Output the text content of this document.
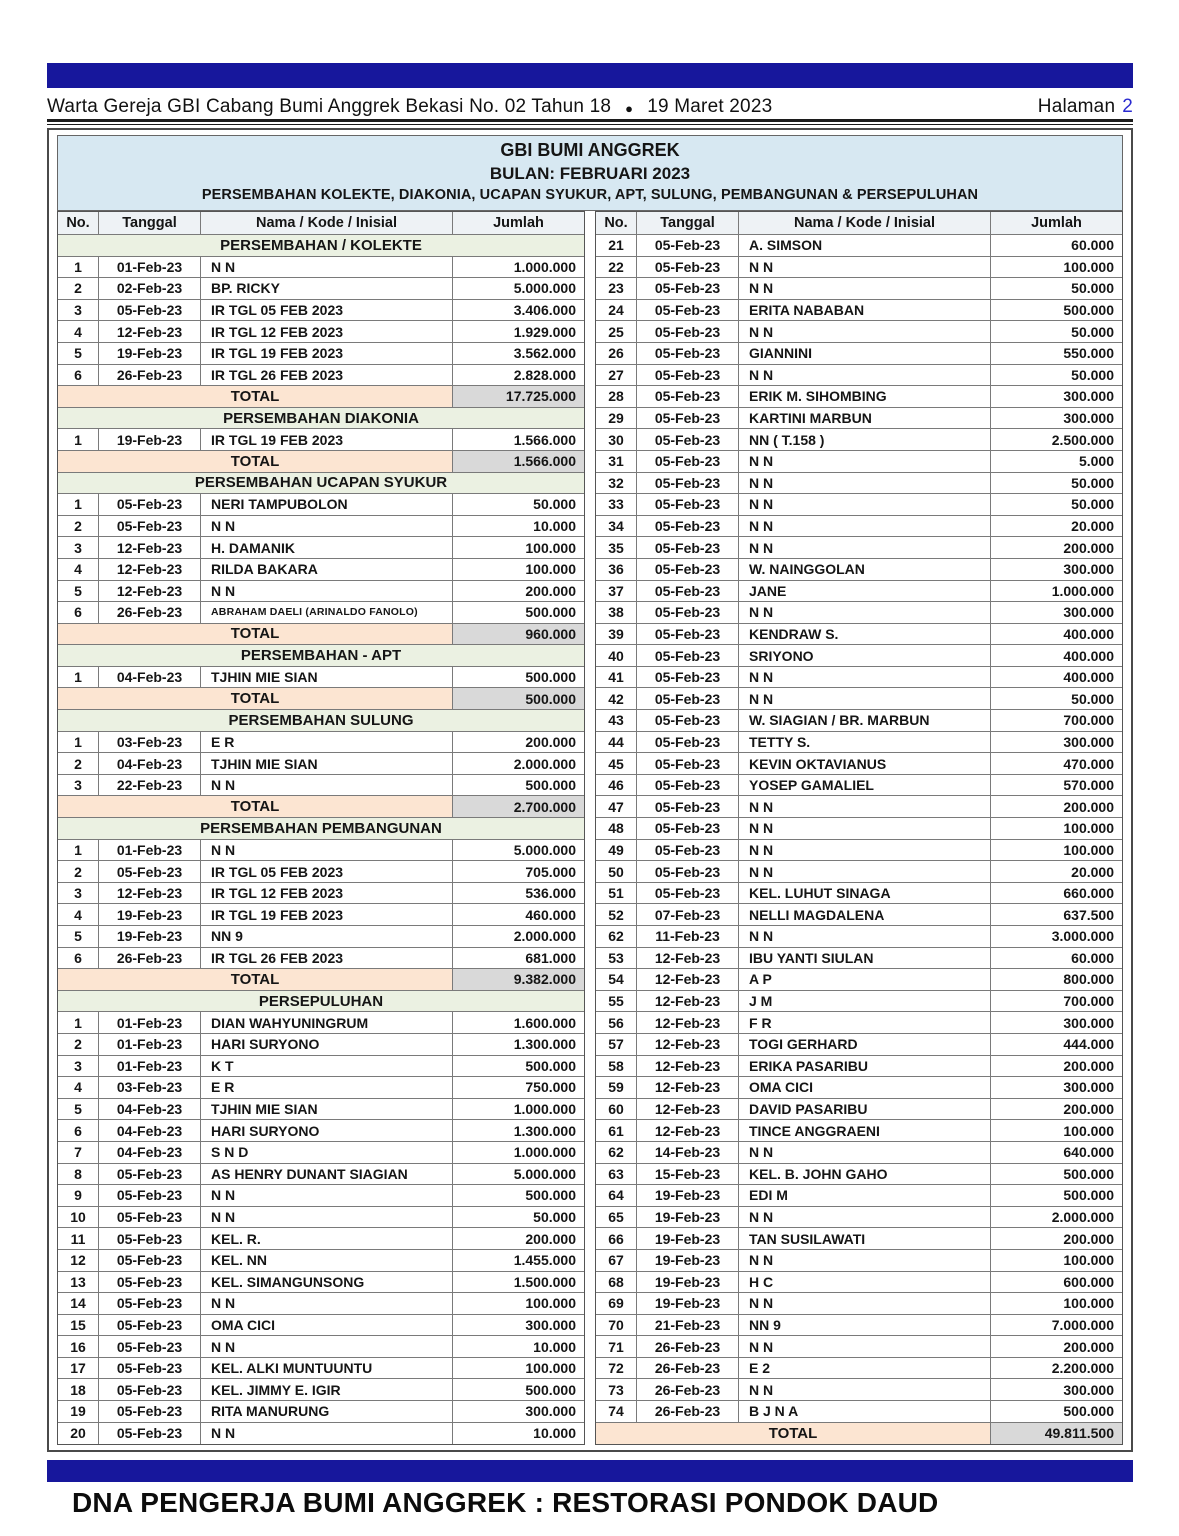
Warta Gereja GBI Cabang Bumi Anggrek Bekasi No. 02 Tahun 18 ● 19 Maret 2023	Halaman 2
GBI BUMI ANGGREK
BULAN: FEBRUARI 2023
PERSEMBAHAN KOLEKTE, DIAKONIA, UCAPAN SYUKUR, APT, SULUNG, PEMBANGUNAN & PERSEPULUHAN
No.	Tanggal	Nama / Kode / Inisial	Jumlah
PERSEMBAHAN / KOLEKTE
1	01-Feb-23	N N	1.000.000
2	02-Feb-23	BP. RICKY	5.000.000
3	05-Feb-23	IR TGL 05 FEB 2023	3.406.000
4	12-Feb-23	IR TGL 12 FEB 2023	1.929.000
5	19-Feb-23	IR TGL 19 FEB 2023	3.562.000
6	26-Feb-23	IR TGL 26 FEB 2023	2.828.000
TOTAL	17.725.000
PERSEMBAHAN DIAKONIA
1	19-Feb-23	IR TGL 19 FEB 2023	1.566.000
TOTAL	1.566.000
PERSEMBAHAN UCAPAN SYUKUR
1	05-Feb-23	NERI TAMPUBOLON	50.000
2	05-Feb-23	N N	10.000
3	12-Feb-23	H. DAMANIK	100.000
4	12-Feb-23	RILDA BAKARA	100.000
5	12-Feb-23	N N	200.000
6	26-Feb-23	ABRAHAM DAELI (ARINALDO FANOLO)	500.000
TOTAL	960.000
PERSEMBAHAN - APT
1	04-Feb-23	TJHIN MIE SIAN	500.000
TOTAL	500.000
PERSEMBAHAN SULUNG
1	03-Feb-23	E R	200.000
2	04-Feb-23	TJHIN MIE SIAN	2.000.000
3	22-Feb-23	N N	500.000
TOTAL	2.700.000
PERSEMBAHAN PEMBANGUNAN
1	01-Feb-23	N N	5.000.000
2	05-Feb-23	IR TGL 05 FEB 2023	705.000
3	12-Feb-23	IR TGL 12 FEB 2023	536.000
4	19-Feb-23	IR TGL 19 FEB 2023	460.000
5	19-Feb-23	NN 9	2.000.000
6	26-Feb-23	IR TGL 26 FEB 2023	681.000
TOTAL	9.382.000
PERSEPULUHAN
1	01-Feb-23	DIAN WAHYUNINGRUM	1.600.000
2	01-Feb-23	HARI SURYONO	1.300.000
3	01-Feb-23	K T	500.000
4	03-Feb-23	E R	750.000
5	04-Feb-23	TJHIN MIE SIAN	1.000.000
6	04-Feb-23	HARI SURYONO	1.300.000
7	04-Feb-23	S N D	1.000.000
8	05-Feb-23	AS HENRY DUNANT SIAGIAN	5.000.000
9	05-Feb-23	N N	500.000
10	05-Feb-23	N N	50.000
11	05-Feb-23	KEL. R.	200.000
12	05-Feb-23	KEL. NN	1.455.000
13	05-Feb-23	KEL. SIMANGUNSONG	1.500.000
14	05-Feb-23	N N	100.000
15	05-Feb-23	OMA CICI	300.000
16	05-Feb-23	N N	10.000
17	05-Feb-23	KEL. ALKI MUNTUUNTU	100.000
18	05-Feb-23	KEL. JIMMY E. IGIR	500.000
19	05-Feb-23	RITA MANURUNG	300.000
20	05-Feb-23	N N	10.000
No.	Tanggal	Nama / Kode / Inisial	Jumlah
21	05-Feb-23	A. SIMSON	60.000
22	05-Feb-23	N N	100.000
23	05-Feb-23	N N	50.000
24	05-Feb-23	ERITA NABABAN	500.000
25	05-Feb-23	N N	50.000
26	05-Feb-23	GIANNINI	550.000
27	05-Feb-23	N N	50.000
28	05-Feb-23	ERIK M. SIHOMBING	300.000
29	05-Feb-23	KARTINI MARBUN	300.000
30	05-Feb-23	NN ( T.158 )	2.500.000
31	05-Feb-23	N N	5.000
32	05-Feb-23	N N	50.000
33	05-Feb-23	N N	50.000
34	05-Feb-23	N N	20.000
35	05-Feb-23	N N	200.000
36	05-Feb-23	W. NAINGGOLAN	300.000
37	05-Feb-23	JANE	1.000.000
38	05-Feb-23	N N	300.000
39	05-Feb-23	KENDRAW S.	400.000
40	05-Feb-23	SRIYONO	400.000
41	05-Feb-23	N N	400.000
42	05-Feb-23	N N	50.000
43	05-Feb-23	W. SIAGIAN / BR. MARBUN	700.000
44	05-Feb-23	TETTY S.	300.000
45	05-Feb-23	KEVIN OKTAVIANUS	470.000
46	05-Feb-23	YOSEP GAMALIEL	570.000
47	05-Feb-23	N N	200.000
48	05-Feb-23	N N	100.000
49	05-Feb-23	N N	100.000
50	05-Feb-23	N N	20.000
51	05-Feb-23	KEL. LUHUT SINAGA	660.000
52	07-Feb-23	NELLI MAGDALENA	637.500
62	11-Feb-23	N N	3.000.000
53	12-Feb-23	IBU YANTI SIULAN	60.000
54	12-Feb-23	A P	800.000
55	12-Feb-23	J M	700.000
56	12-Feb-23	F R	300.000
57	12-Feb-23	TOGI GERHARD	444.000
58	12-Feb-23	ERIKA PASARIBU	200.000
59	12-Feb-23	OMA CICI	300.000
60	12-Feb-23	DAVID PASARIBU	200.000
61	12-Feb-23	TINCE ANGGRAENI	100.000
62	14-Feb-23	N N	640.000
63	15-Feb-23	KEL. B. JOHN GAHO	500.000
64	19-Feb-23	EDI M	500.000
65	19-Feb-23	N N	2.000.000
66	19-Feb-23	TAN SUSILAWATI	200.000
67	19-Feb-23	N N	100.000
68	19-Feb-23	H C	600.000
69	19-Feb-23	N N	100.000
70	21-Feb-23	NN 9	7.000.000
71	26-Feb-23	N N	200.000
72	26-Feb-23	E 2	2.200.000
73	26-Feb-23	N N	300.000
74	26-Feb-23	B J N A	500.000
TOTAL	49.811.500
DNA PENGERJA BUMI ANGGREK : RESTORASI PONDOK DAUD
